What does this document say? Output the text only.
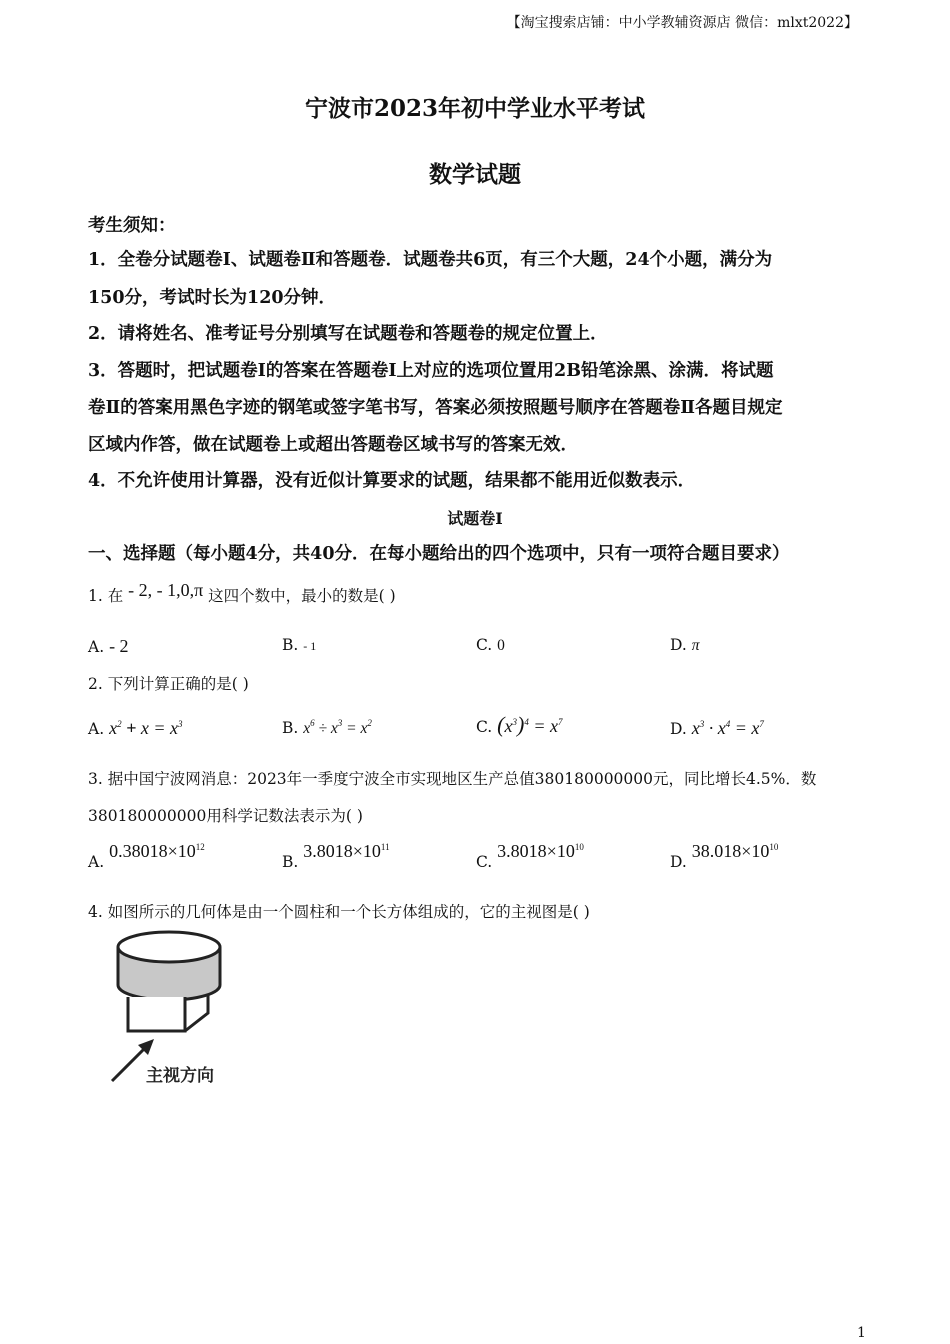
【淘宝搜索店铺：中小学教辅资源店 微信：mlxt2022】
宁波市2023年初中学业水平考试
数学试题
考生须知：
1．全卷分试题卷Ⅰ、试题卷Ⅱ和答题卷．试题卷共6页，有三个大题，24个小题，满分为
150分，考试时长为120分钟．
2．请将姓名、准考证号分别填写在试题卷和答题卷的规定位置上．
3．答题时，把试题卷Ⅰ的答案在答题卷Ⅰ上对应的选项位置用2B铅笔涂黑、涂满．将试题
卷Ⅱ的答案用黑色字迹的钢笔或签字笔书写，答案必须按照题号顺序在答题卷Ⅱ各题目规定
区域内作答，做在试题卷上或超出答题卷区域书写的答案无效．
4．不允许使用计算器，没有近似计算要求的试题，结果都不能用近似数表示．
试题卷Ⅰ
一、选择题（每小题4分，共40分．在每小题给出的四个选项中，只有一项符合题目要求）
1. 在 - 2, - 1,0,π 这四个数中，最小的数是( )
A. - 2	B. - 1	C. 0	D. π
2. 下列计算正确的是( )
A. $x^2 + x = x^3$	B. $x^6 \div x^3 = x^2$	C. $(x^3)^4 = x^7$	D. $x^3 \cdot x^4 = x^7$
3. 据中国宁波网消息：2023年一季度宁波全市实现地区生产总值380180000000元，同比增长4.5%．数
380180000000用科学记数法表示为( )
A. $0.38018\times 10^{12}$
B. $3.8018\times 10^{11}$
C. $3.8018\times 10^{10}$
D. $38.018\times 10^{10}$
4. 如图所示的几何体是由一个圆柱和一个长方体组成的，它的主视图是( )
主视方向
1
